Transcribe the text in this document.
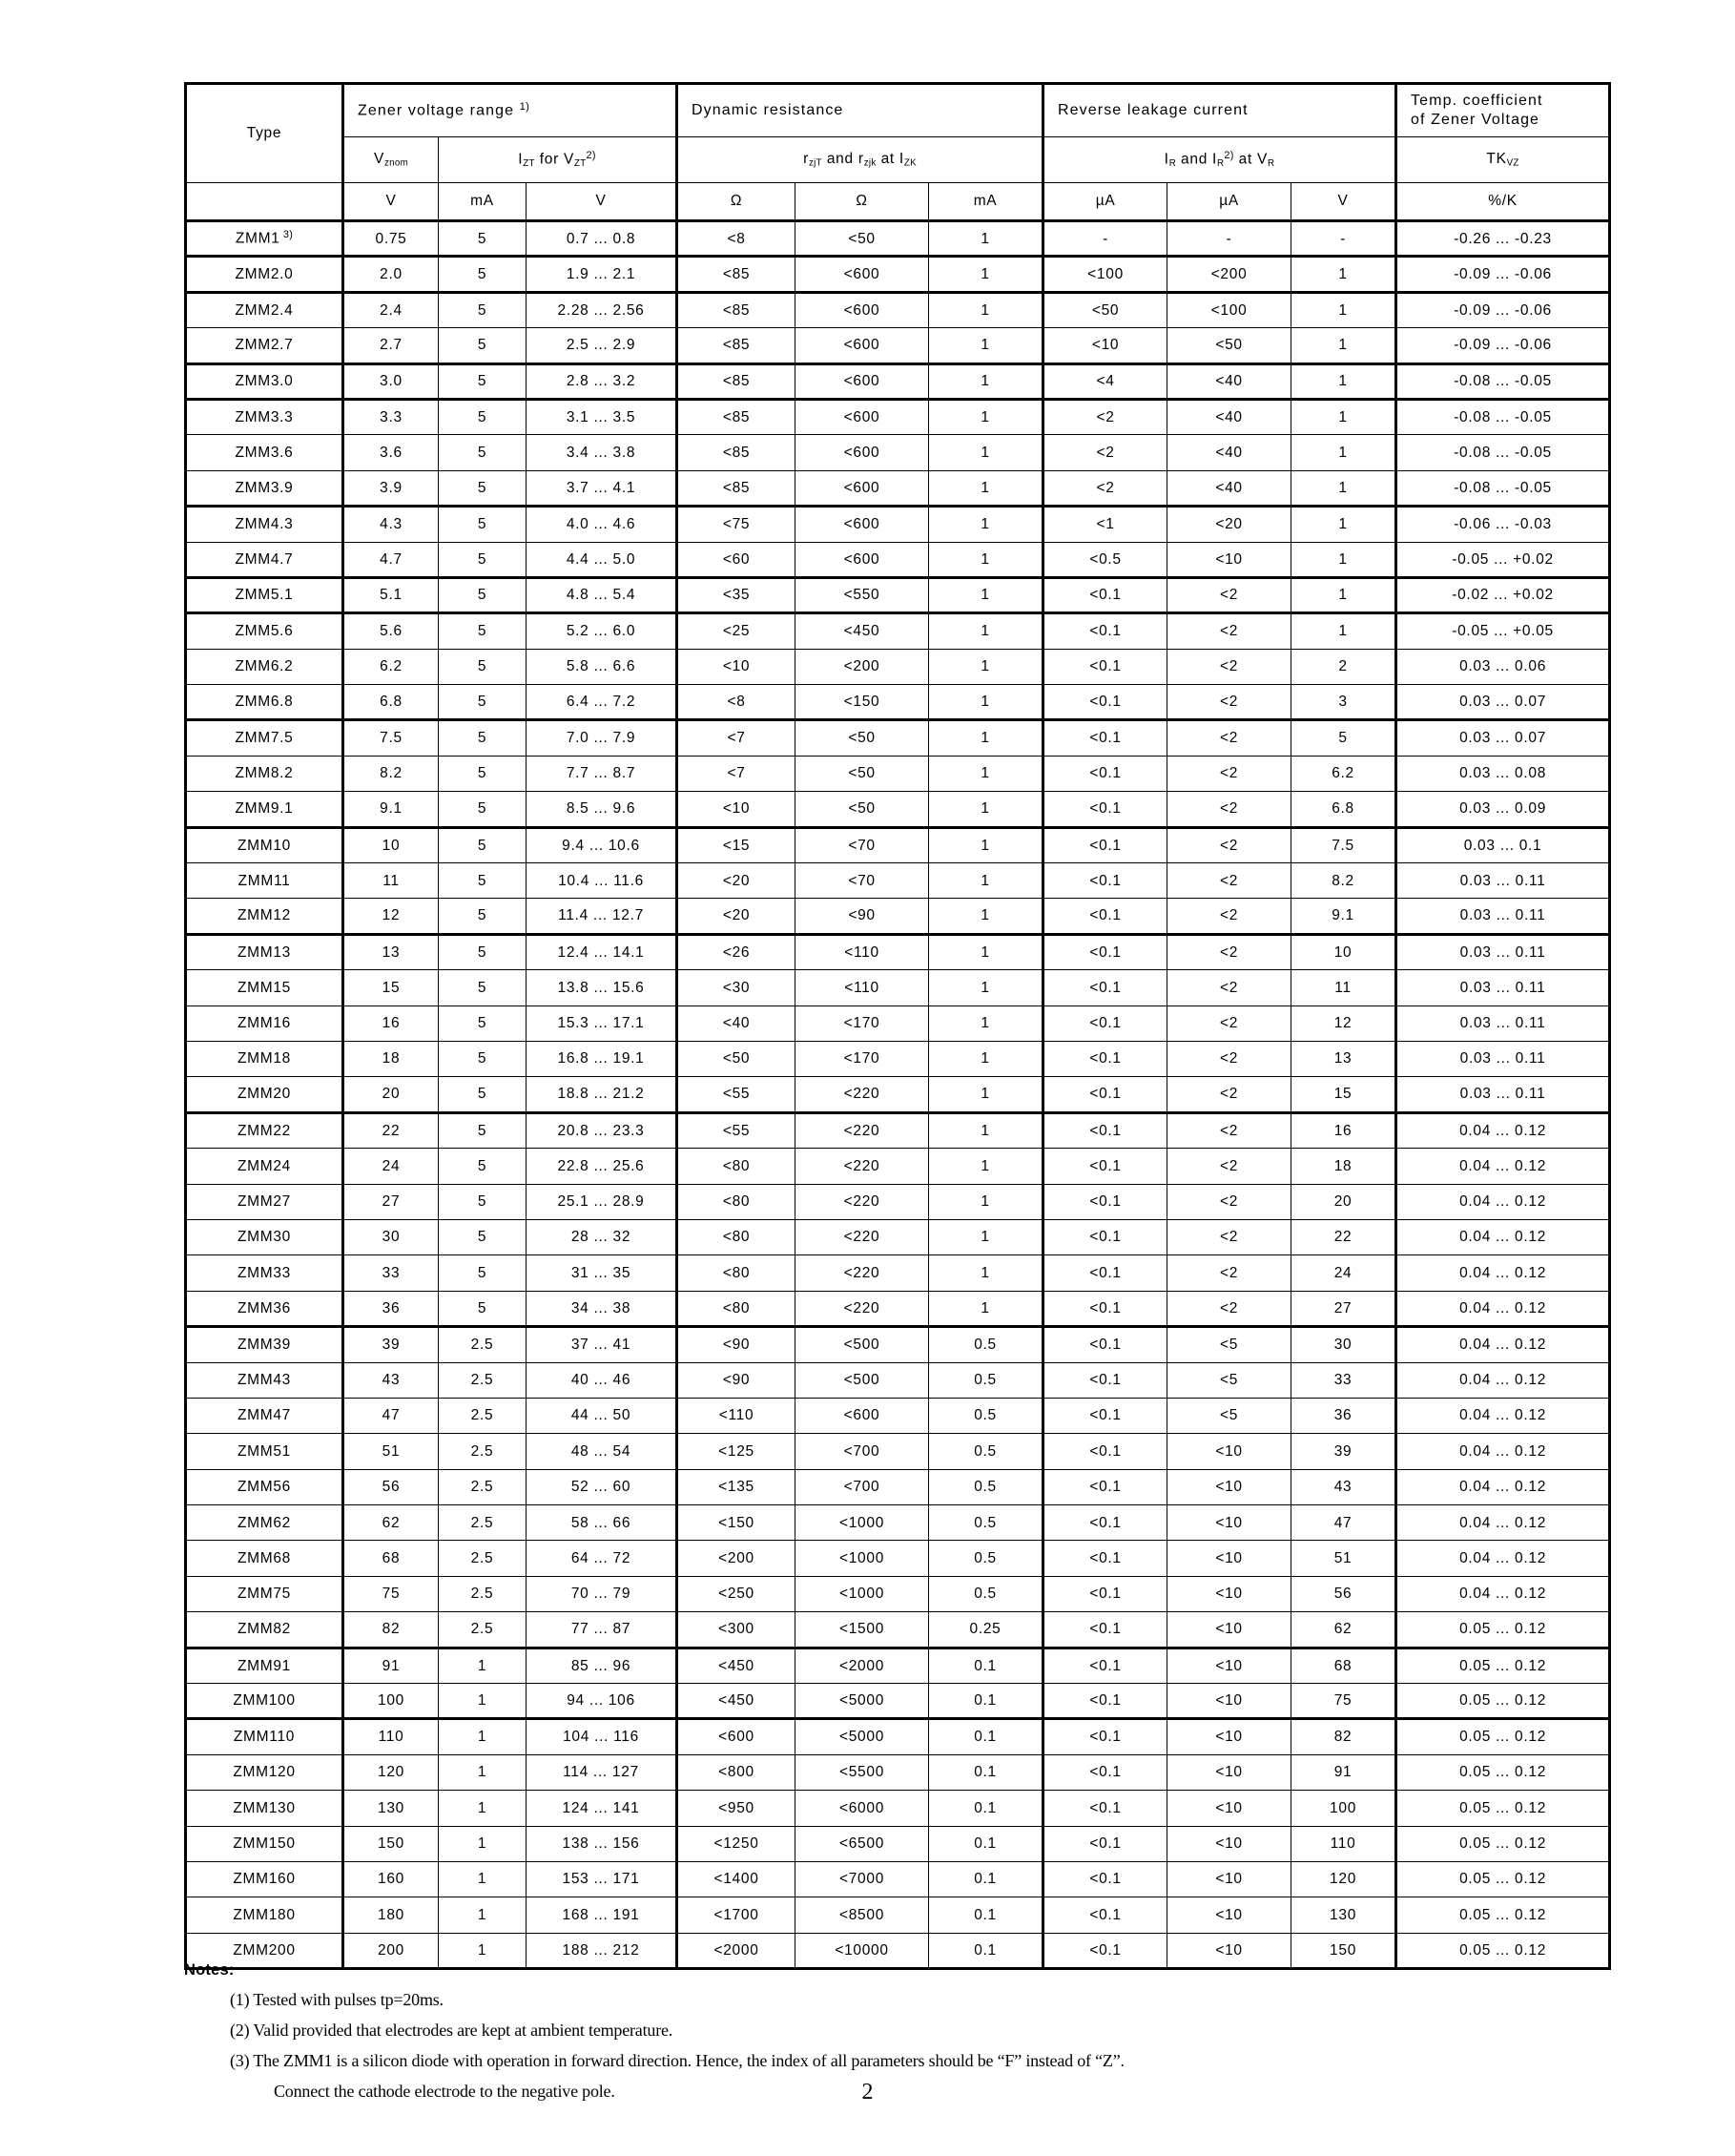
Type	Zener voltage range $^{1)}$			Dynamic resistance			Reverse leakage current			Temp. coefficient
of Zener Voltage

	$V_{znom}$	$I_{ZT}$ for $V_{ZT}^{2)}$		$r_{zjT}$ and $r_{zjk}$ at $I_{ZK}$			$I_R$ and $I_R^{2)}$ at $V_R$			$TK_{VZ}$
	V	mA	V	Ω	Ω	mA	µA	µA	V	%/K
ZMM1 $^{3)}$	0.75	5	0.7 ... 0.8	<8	<50	1	-	-	-	-0.26 ... -0.23
ZMM2.0	2.0	5	1.9 ... 2.1	<85	<600	1	<100	<200	1	-0.09 ... -0.06
ZMM2.4	2.4	5	2.28 ... 2.56	<85	<600	1	<50	<100	1	-0.09 ... -0.06
ZMM2.7	2.7	5	2.5 ... 2.9	<85	<600	1	<10	<50	1	-0.09 ... -0.06
ZMM3.0	3.0	5	2.8 ... 3.2	<85	<600	1	<4	<40	1	-0.08 ... -0.05
ZMM3.3	3.3	5	3.1 ... 3.5	<85	<600	1	<2	<40	1	-0.08 ... -0.05
ZMM3.6	3.6	5	3.4 ... 3.8	<85	<600	1	<2	<40	1	-0.08 ... -0.05
ZMM3.9	3.9	5	3.7 ... 4.1	<85	<600	1	<2	<40	1	-0.08 ... -0.05
ZMM4.3	4.3	5	4.0 ... 4.6	<75	<600	1	<1	<20	1	-0.06 ... -0.03
ZMM4.7	4.7	5	4.4 ... 5.0	<60	<600	1	<0.5	<10	1	-0.05 ... +0.02
ZMM5.1	5.1	5	4.8 ... 5.4	<35	<550	1	<0.1	<2	1	-0.02 ... +0.02
ZMM5.6	5.6	5	5.2 ... 6.0	<25	<450	1	<0.1	<2	1	-0.05 ... +0.05
ZMM6.2	6.2	5	5.8 ... 6.6	<10	<200	1	<0.1	<2	2	0.03 ... 0.06
ZMM6.8	6.8	5	6.4 ... 7.2	<8	<150	1	<0.1	<2	3	0.03 ... 0.07
ZMM7.5	7.5	5	7.0 ... 7.9	<7	<50	1	<0.1	<2	5	0.03 ... 0.07
ZMM8.2	8.2	5	7.7 ... 8.7	<7	<50	1	<0.1	<2	6.2	0.03 ... 0.08
ZMM9.1	9.1	5	8.5 ... 9.6	<10	<50	1	<0.1	<2	6.8	0.03 ... 0.09
ZMM10	10	5	9.4 ... 10.6	<15	<70	1	<0.1	<2	7.5	0.03 ... 0.1
ZMM11	11	5	10.4 ... 11.6	<20	<70	1	<0.1	<2	8.2	0.03 ... 0.11
ZMM12	12	5	11.4 ... 12.7	<20	<90	1	<0.1	<2	9.1	0.03 ... 0.11
ZMM13	13	5	12.4 ... 14.1	<26	<110	1	<0.1	<2	10	0.03 ... 0.11
ZMM15	15	5	13.8 ... 15.6	<30	<110	1	<0.1	<2	11	0.03 ... 0.11
ZMM16	16	5	15.3 ... 17.1	<40	<170	1	<0.1	<2	12	0.03 ... 0.11
ZMM18	18	5	16.8 ... 19.1	<50	<170	1	<0.1	<2	13	0.03 ... 0.11
ZMM20	20	5	18.8 ... 21.2	<55	<220	1	<0.1	<2	15	0.03 ... 0.11
ZMM22	22	5	20.8 ... 23.3	<55	<220	1	<0.1	<2	16	0.04 ... 0.12
ZMM24	24	5	22.8 ... 25.6	<80	<220	1	<0.1	<2	18	0.04 ... 0.12
ZMM27	27	5	25.1 ... 28.9	<80	<220	1	<0.1	<2	20	0.04 ... 0.12
ZMM30	30	5	28 ... 32	<80	<220	1	<0.1	<2	22	0.04 ... 0.12
ZMM33	33	5	31 ... 35	<80	<220	1	<0.1	<2	24	0.04 ... 0.12
ZMM36	36	5	34 ... 38	<80	<220	1	<0.1	<2	27	0.04 ... 0.12
ZMM39	39	2.5	37 ... 41	<90	<500	0.5	<0.1	<5	30	0.04 ... 0.12
ZMM43	43	2.5	40 ... 46	<90	<500	0.5	<0.1	<5	33	0.04 ... 0.12
ZMM47	47	2.5	44 ... 50	<110	<600	0.5	<0.1	<5	36	0.04 ... 0.12
ZMM51	51	2.5	48 ... 54	<125	<700	0.5	<0.1	<10	39	0.04 ... 0.12
ZMM56	56	2.5	52 ... 60	<135	<700	0.5	<0.1	<10	43	0.04 ... 0.12
ZMM62	62	2.5	58 ... 66	<150	<1000	0.5	<0.1	<10	47	0.04 ... 0.12
ZMM68	68	2.5	64 ... 72	<200	<1000	0.5	<0.1	<10	51	0.04 ... 0.12
ZMM75	75	2.5	70 ... 79	<250	<1000	0.5	<0.1	<10	56	0.04 ... 0.12
ZMM82	82	2.5	77 ... 87	<300	<1500	0.25	<0.1	<10	62	0.05 ... 0.12
ZMM91	91	1	85 ... 96	<450	<2000	0.1	<0.1	<10	68	0.05 ... 0.12
ZMM100	100	1	94 ... 106	<450	<5000	0.1	<0.1	<10	75	0.05 ... 0.12
ZMM110	110	1	104 ... 116	<600	<5000	0.1	<0.1	<10	82	0.05 ... 0.12
ZMM120	120	1	114 ... 127	<800	<5500	0.1	<0.1	<10	91	0.05 ... 0.12
ZMM130	130	1	124 ... 141	<950	<6000	0.1	<0.1	<10	100	0.05 ... 0.12
ZMM150	150	1	138 ... 156	<1250	<6500	0.1	<0.1	<10	110	0.05 ... 0.12
ZMM160	160	1	153 ... 171	<1400	<7000	0.1	<0.1	<10	120	0.05 ... 0.12
ZMM180	180	1	168 ... 191	<1700	<8500	0.1	<0.1	<10	130	0.05 ... 0.12
ZMM200	200	1	188 ... 212	<2000	<10000	0.1	<0.1	<10	150	0.05 ... 0.12
Notes:
(1) Tested with pulses tp=20ms.
(2) Valid provided that electrodes are kept at ambient temperature.
(3) The ZMM1 is a silicon diode with operation in forward direction. Hence, the index of all parameters should be “F” instead of “Z”.
Connect the cathode electrode to the negative pole.	2
